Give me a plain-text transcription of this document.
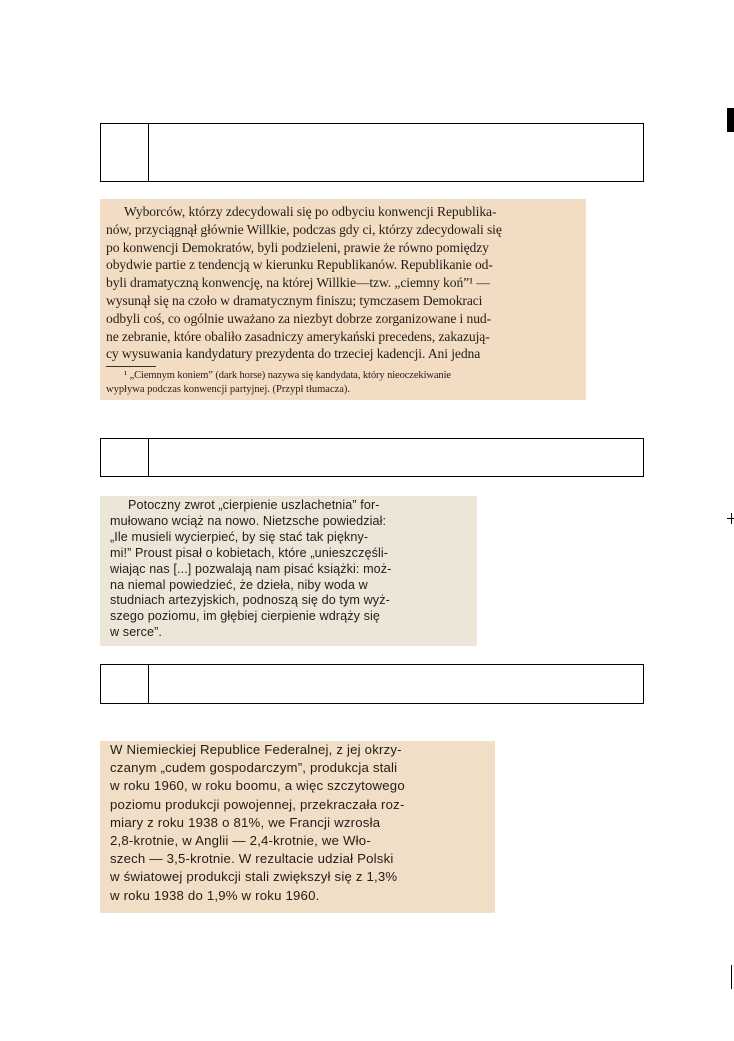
Wyborców, którzy zdecydowali się po odbyciu konwencji Republika-

nów, przyciągnął głównie Willkie, podczas gdy ci, którzy zdecydowali się

po konwencji Demokratów, byli podzieleni, prawie że równo pomiędzy

obydwie partie z tendencją w kierunku Republikanów. Republikanie od-

byli dramatyczną konwencję, na której Willkie—tzw. „ciemny koń”¹ —

wysunął się na czoło w dramatycznym finiszu; tymczasem Demokraci

odbyli coś, co ogólnie uważano za niezbyt dobrze zorganizowane i nud-

ne zebranie, które obaliło zasadniczy amerykański precedens, zakazują-

cy wysuwania kandydatury prezydenta do trzeciej kadencji. Ani jedna

¹ „Ciemnym koniem” (dark horse) nazywa się kandydata, który nieoczekiwanie

wypływa podczas konwencji partyjnej. (Przypł tłumacza).

Potoczny zwrot „cierpienie uszlachetnia” for-

mułowano wciąż na nowo. Nietzsche powiedział:

„Ile musieli wycierpieć, by się stać tak piękny-

mi!” Proust pisał o kobietach, które „unieszczęśli-

wiając nas [...] pozwalają nam pisać książki: moż-

na niemal powiedzieć, że dzieła, niby woda w

studniach artezyjskich, podnoszą się do tym wyż-

szego poziomu, im głębiej cierpienie wdrąży się

w serce”.

W Niemieckiej Republice Federalnej, z jej okrzy-

czanym „cudem gospodarczym”, produkcja stali

w roku 1960, w roku boomu, a więc szczytowego

poziomu produkcji powojennej, przekraczała roz-

miary z roku 1938 o 81%, we Francji wzrosła

2,8-krotnie, w Anglii — 2,4-krotnie, we Wło-

szech — 3,5-krotnie. W rezultacie udział Polski

w światowej produkcji stali zwiększył się z 1,3%

w roku 1938 do 1,9% w roku 1960.
